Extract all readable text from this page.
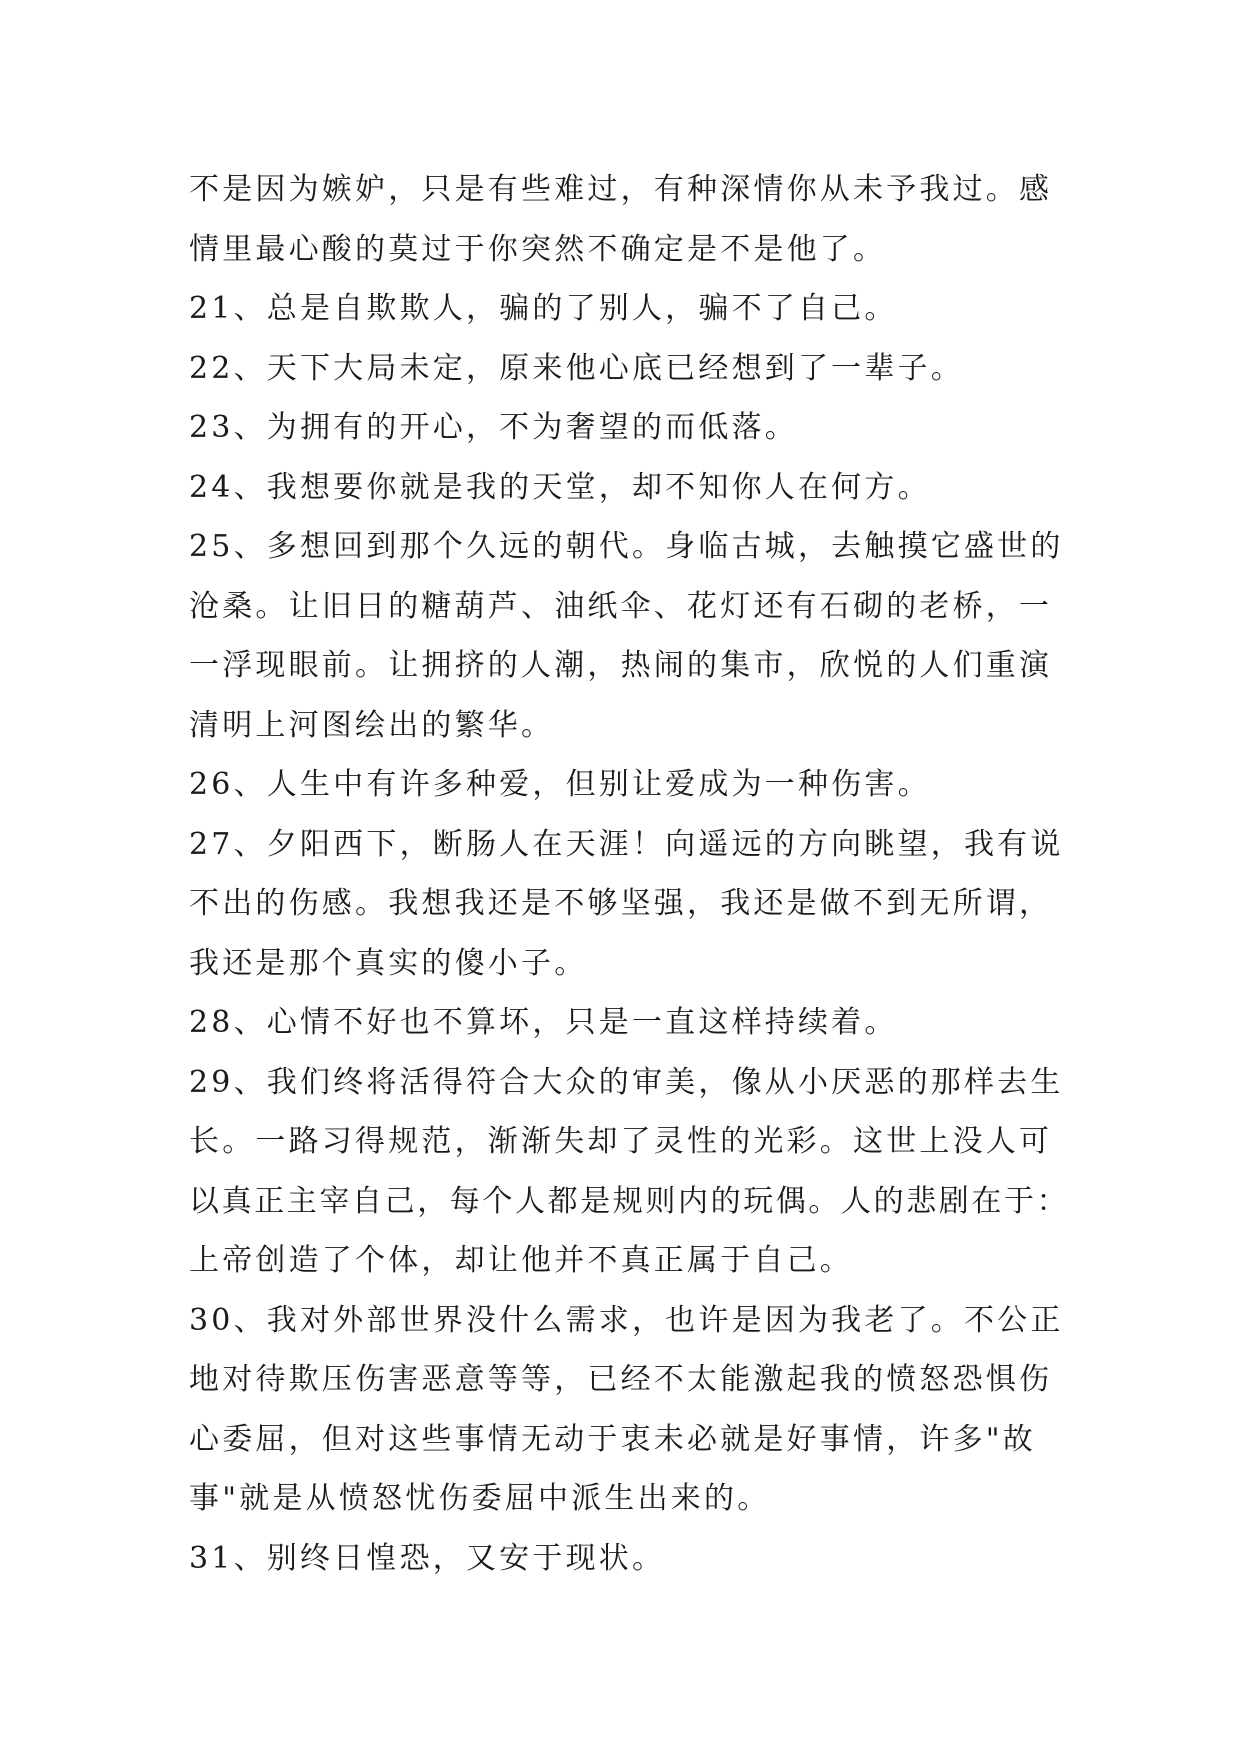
不是因为嫉妒，只是有些难过，有种深情你从未予我过。感
情里最心酸的莫过于你突然不确定是不是他了。
21、总是自欺欺人，骗的了别人，骗不了自己。
22、天下大局未定，原来他心底已经想到了一辈子。
23、为拥有的开心，不为奢望的而低落。
24、我想要你就是我的天堂，却不知你人在何方。
25、多想回到那个久远的朝代。身临古城，去触摸它盛世的
沧桑。让旧日的糖葫芦、油纸伞、花灯还有石砌的老桥，一
一浮现眼前。让拥挤的人潮，热闹的集市，欣悦的人们重演
清明上河图绘出的繁华。
26、人生中有许多种爱，但别让爱成为一种伤害。
27、夕阳西下，断肠人在天涯！向遥远的方向眺望，我有说
不出的伤感。我想我还是不够坚强，我还是做不到无所谓，
我还是那个真实的傻小子。
28、心情不好也不算坏，只是一直这样持续着。
29、我们终将活得符合大众的审美，像从小厌恶的那样去生
长。一路习得规范，渐渐失却了灵性的光彩。这世上没人可
以真正主宰自己，每个人都是规则内的玩偶。人的悲剧在于：
上帝创造了个体，却让他并不真正属于自己。
30、我对外部世界没什么需求，也许是因为我老了。不公正
地对待欺压伤害恶意等等，已经不太能激起我的愤怒恐惧伤
心委屈，但对这些事情无动于衷未必就是好事情，许多"故
事"就是从愤怒忧伤委屈中派生出来的。
31、别终日惶恐，又安于现状。
